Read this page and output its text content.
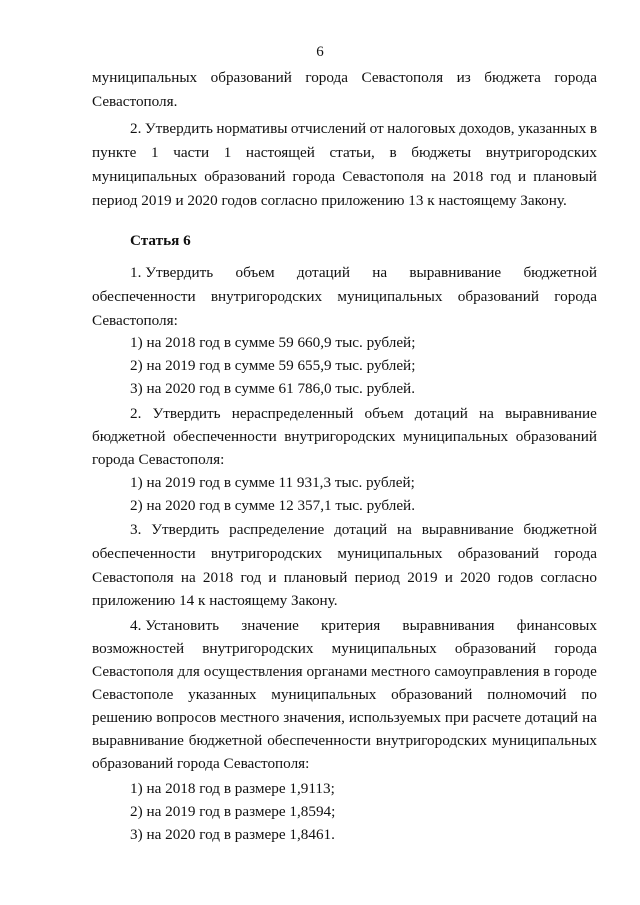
6
муниципальных образований города Севастополя из бюджета города
Севастополя.
2. Утвердить нормативы отчислений от налоговых доходов, указанных в
пункте 1 части 1 настоящей статьи, в бюджеты внутригородских
муниципальных образований города Севастополя на 2018 год и плановый
период 2019 и 2020 годов согласно приложению 13 к настоящему Закону.
Статья 6
1. Утвердить объем дотаций на выравнивание бюджетной
обеспеченности внутригородских муниципальных образований города
Севастополя:
1) на 2018 год в сумме 59 660,9 тыс. рублей;
2) на 2019 год в сумме 59 655,9 тыс. рублей;
3) на 2020 год в сумме 61 786,0 тыс. рублей.
2. Утвердить нераспределенный объем дотаций на выравнивание
бюджетной обеспеченности внутригородских муниципальных образований
города Севастополя:
1) на 2019 год в сумме 11 931,3 тыс. рублей;
2) на 2020 год в сумме 12 357,1 тыс. рублей.
3. Утвердить распределение дотаций на выравнивание бюджетной
обеспеченности внутригородских муниципальных образований города
Севастополя на 2018 год и плановый период 2019 и 2020 годов согласно
приложению 14 к настоящему Закону.
4. Установить значение критерия выравнивания финансовых
возможностей внутригородских муниципальных образований города
Севастополя для осуществления органами местного самоуправления в городе
Севастополе указанных муниципальных образований полномочий по
решению вопросов местного значения, используемых при расчете дотаций на
выравнивание бюджетной обеспеченности внутригородских муниципальных
образований города Севастополя:
1) на 2018 год в размере 1,9113;
2) на 2019 год в размере 1,8594;
3) на 2020 год в размере 1,8461.
